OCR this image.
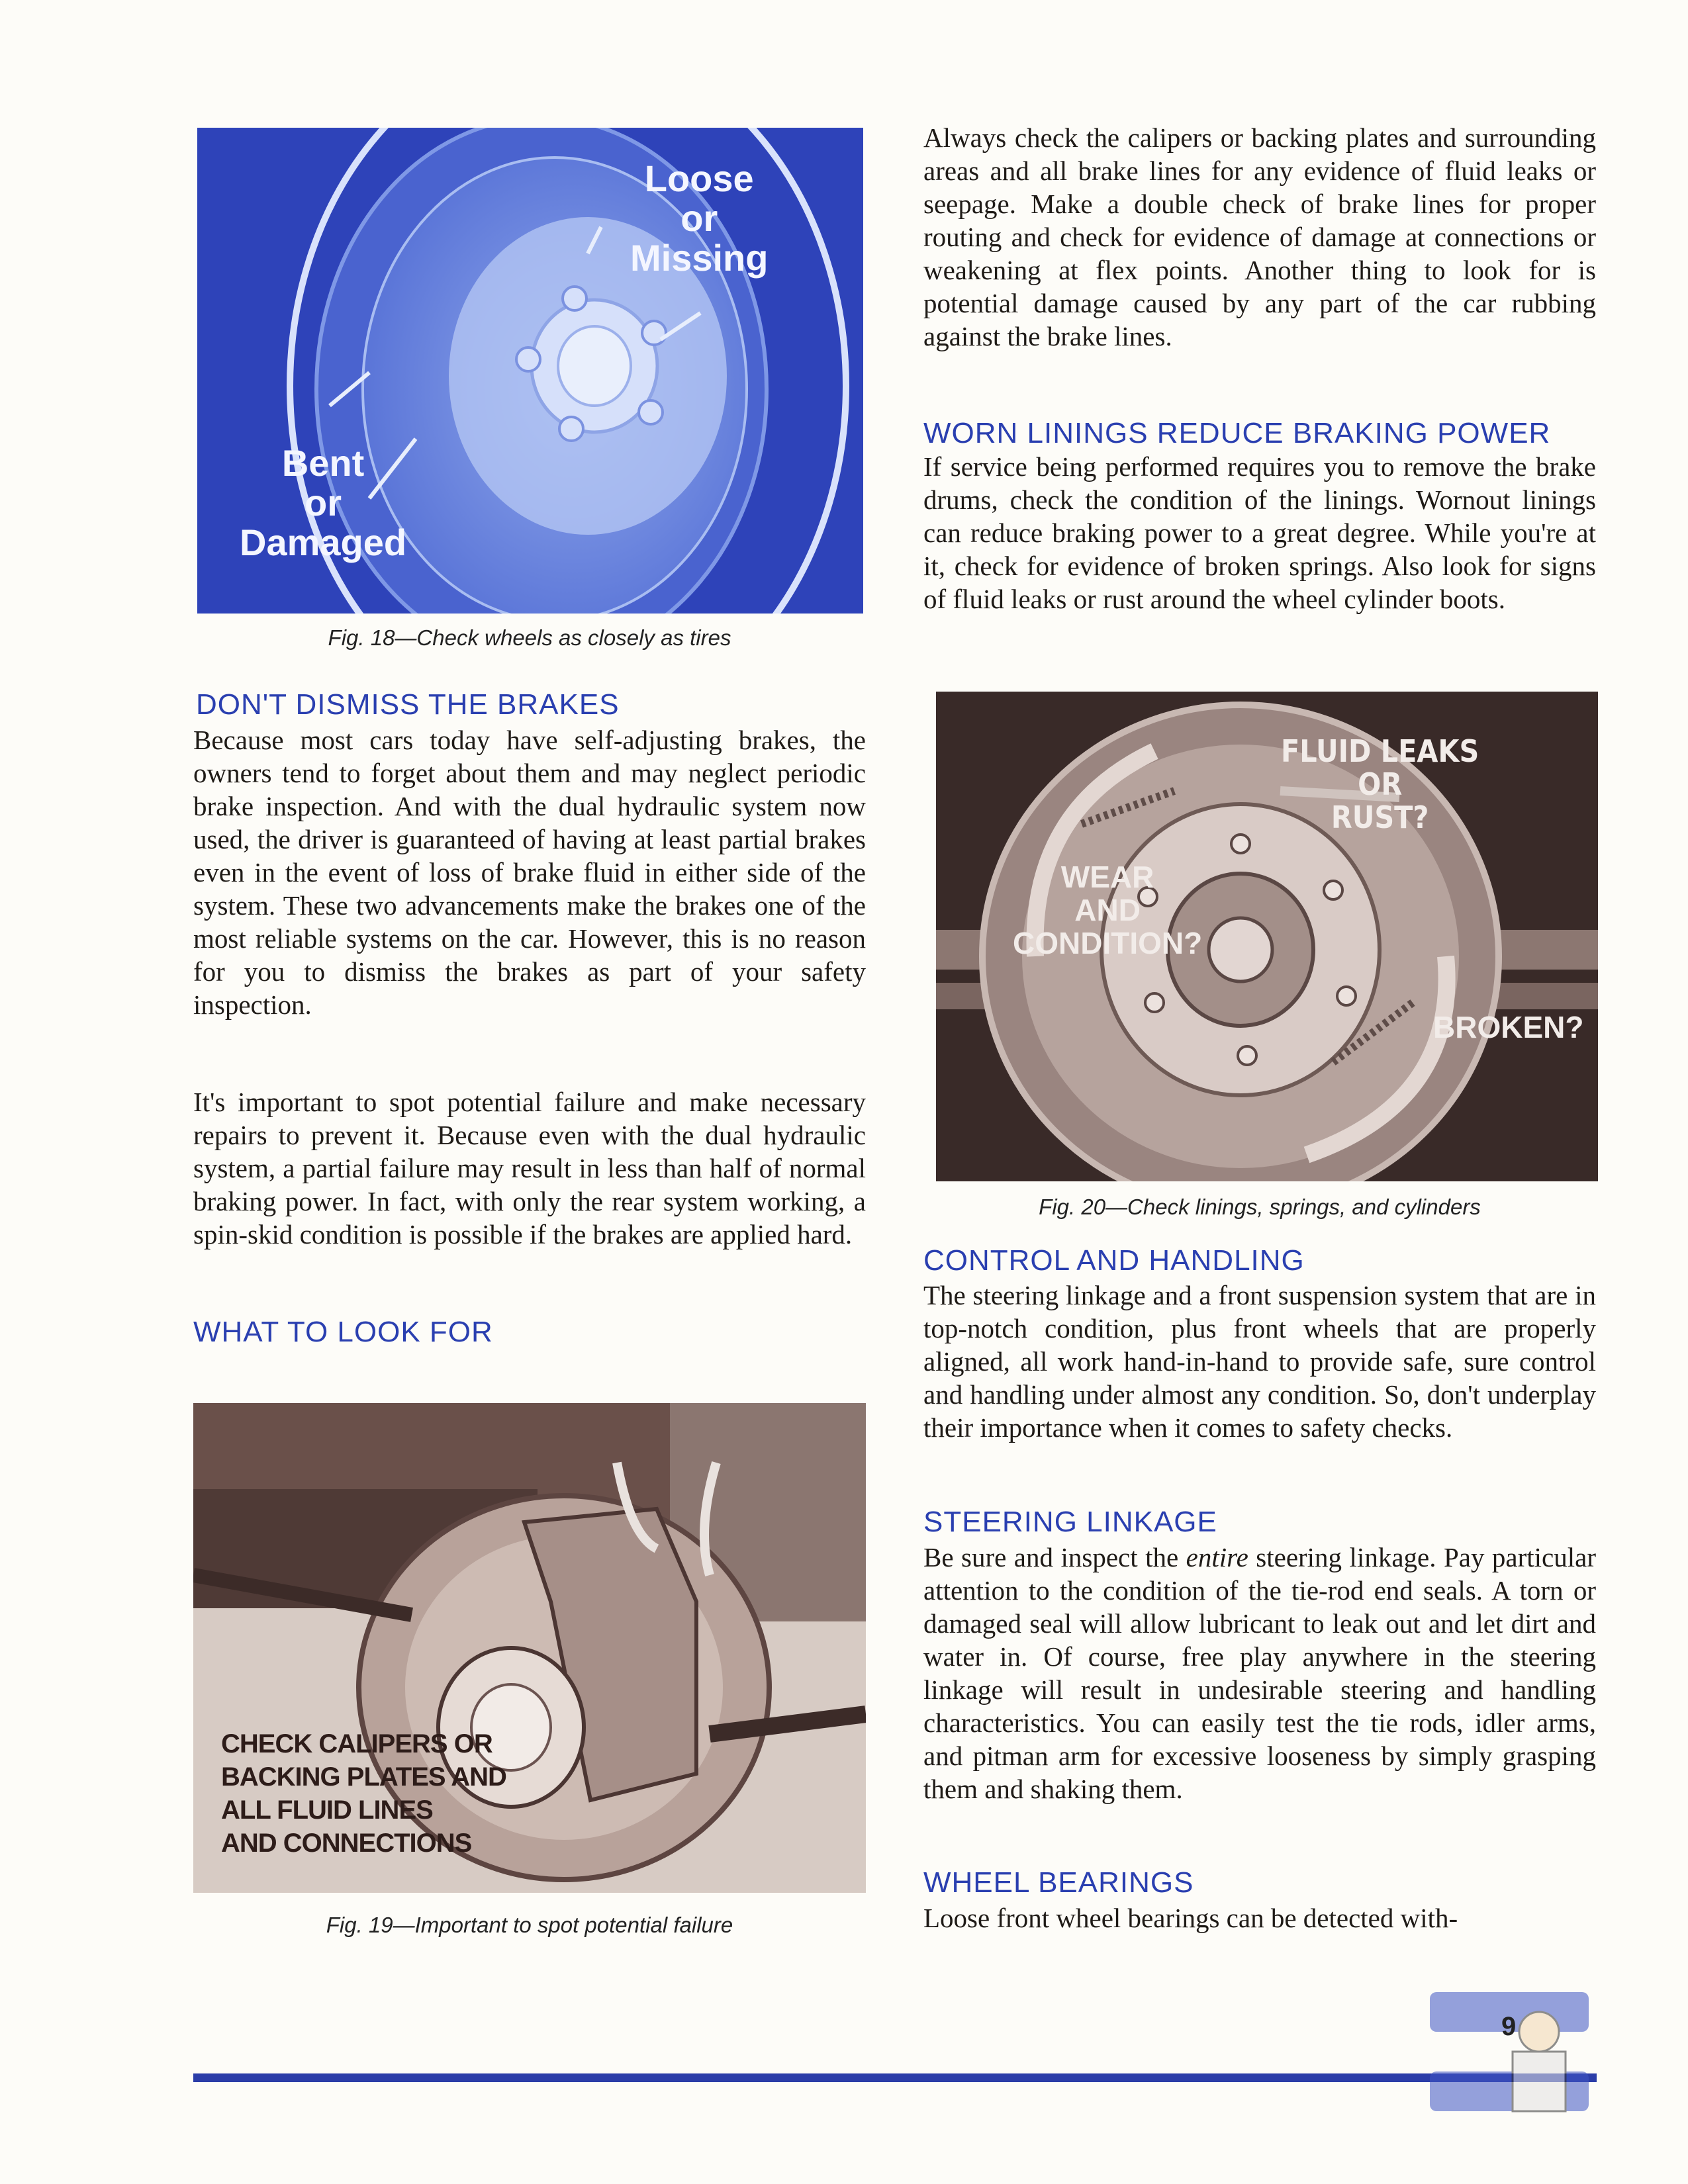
Loose
or
Missing
Bent
or
Damaged
Fig. 18—Check wheels as closely as tires
DON'T DISMISS THE BRAKES

Because most cars today have self-adjusting brakes, the owners tend to forget about them and may neglect periodic brake inspection. And with the dual hydraulic system now used, the driver is guaranteed of having at least partial brakes even in the event of loss of brake fluid in either side of the system. These two advancements make the brakes one of the most reliable systems on the car. However, this is no reason for you to dismiss the brakes as part of your safety inspection.

It's important to spot potential failure and make necessary repairs to prevent it. Because even with the dual hydraulic system, a partial failure may result in less than half of normal braking power. In fact, with only the rear system working, a spin-skid condition is possible if the brakes are applied hard.

WHAT TO LOOK FOR
CHECK CALIPERS OR
BACKING PLATES AND
ALL FLUID LINES
AND CONNECTIONS
Fig. 19—Important to spot potential failure

Always check the calipers or backing plates and surrounding areas and all brake lines for any evidence of fluid leaks or seepage. Make a double check of brake lines for proper routing and check for evidence of damage at connections or weakening at flex points. Another thing to look for is potential damage caused by any part of the car rubbing against the brake lines.

WORN LININGS REDUCE BRAKING POWER

If service being performed requires you to remove the brake drums, check the condition of the linings. Wornout linings can reduce braking power to a great degree. While you're at it, check for evidence of broken springs. Also look for signs of fluid leaks or rust around the wheel cylinder boots.

FLUID LEAKS
OR
RUST?
WEAR
AND
CONDITION?
BROKEN?
Fig. 20—Check linings, springs, and cylinders
CONTROL AND HANDLING

The steering linkage and a front suspension system that are in top-notch condition, plus front wheels that are properly aligned, all work hand-in-hand to provide safe, sure control and handling under almost any condition. So, don't underplay their importance when it comes to safety checks.

STEERING LINKAGE

Be sure and inspect the entire steering linkage. Pay particular attention to the condition of the tie-rod end seals. A torn or damaged seal will allow lubricant to leak out and let dirt and water in. Of course, free play anywhere in the steering linkage will result in undesirable steering and handling characteristics. You can easily test the tie rods, idler arms, and pitman arm for excessive looseness by simply grasping them and shaking them.

WHEEL BEARINGS

Loose front wheel bearings can be detected with-

9
